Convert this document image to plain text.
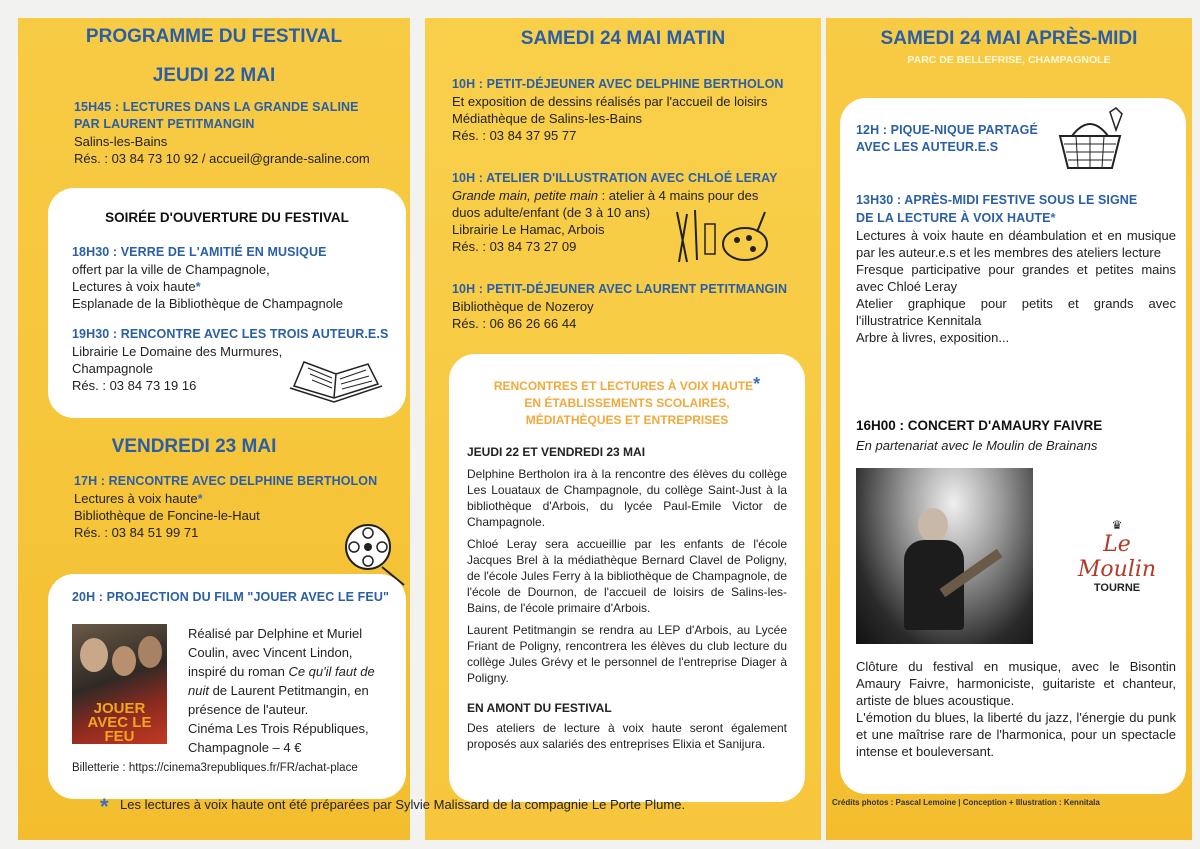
PROGRAMME DU FESTIVAL
JEUDI 22 MAI
15H45 : LECTURES DANS LA GRANDE SALINE
PAR LAURENT PETITMANGIN
Salins-les-Bains
Rés. : 03 84 73 10 92 / accueil@grande-saline.com
SOIRÉE D'OUVERTURE DU FESTIVAL
18H30 : VERRE DE L'AMITIÉ EN MUSIQUE
offert par la ville de Champagnole,
Lectures à voix haute*
Esplanade de la Bibliothèque de Champagnole
19H30 : RENCONTRE AVEC LES TROIS AUTEUR.E.S
Librairie Le Domaine des Murmures,
Champagnole
Rés. : 03 84 73 19 16
VENDREDI 23 MAI
17H : RENCONTRE AVEC DELPHINE BERTHOLON
Lectures à voix haute*
Bibliothèque de Foncine-le-Haut
Rés. : 03 84 51 99 71
20H : PROJECTION DU FILM "JOUER AVEC LE FEU"
JOUER AVEC LE FEU
Réalisé par Delphine et Muriel
Coulin, avec Vincent Lindon,
inspiré du roman Ce qu'il faut de
nuit de Laurent Petitmangin, en
présence de l'auteur.
Cinéma Les Trois Républiques,
Champagnole – 4 €
Billetterie : https://cinema3republiques.fr/FR/achat-place
*
SAMEDI 24 MAI MATIN
10H : PETIT-DÉJEUNER AVEC DELPHINE BERTHOLON
Et exposition de dessins réalisés par l'accueil de loisirs
Médiathèque de Salins-les-Bains
Rés. : 03 84 37 95 77
10H : ATELIER D'ILLUSTRATION AVEC CHLOÉ LERAY
Grande main, petite main : atelier à 4 mains pour des
duos adulte/enfant (de 3 à 10 ans)
Librairie Le Hamac, Arbois
Rés. : 03 84 73 27 09
10H : PETIT-DÉJEUNER AVEC LAURENT PETITMANGIN
Bibliothèque de Nozeroy
Rés. : 06 86 26 66 44
RENCONTRES ET LECTURES À VOIX HAUTE*
EN ÉTABLISSEMENTS SCOLAIRES,
MÉDIATHÈQUES ET ENTREPRISES

JEUDI 22 ET VENDREDI 23 MAI

Delphine Bertholon ira à la rencontre des élèves du collège Les Louataux de Champagnole, du collège Saint-Just à la bibliothèque d'Arbois, du lycée Paul-Emile Victor de Champagnole.

Chloé Leray sera accueillie par les enfants de l'école Jacques Brel à la médiathèque Bernard Clavel de Poligny, de l'école Jules Ferry à la bibliothèque de Champagnole, de l'école de Dournon, de l'accueil de loisirs de Salins-les-Bains, de l'école primaire d'Arbois.

Laurent Petitmangin se rendra au LEP d'Arbois, au Lycée Friant de Poligny, rencontrera les élèves du club lecture du collège Jules Grévy et le personnel de l'entreprise Diager à Poligny.

EN AMONT DU FESTIVAL

Des ateliers de lecture à voix haute seront également proposés aux salariés des entreprises Elixia et Sanijura.

SAMEDI 24 MAI APRÈS-MIDI
PARC DE BELLEFRISE, CHAMPAGNOLE
12H : PIQUE-NIQUE PARTAGÉ
AVEC LES AUTEUR.E.S
13H30 : APRÈS-MIDI FESTIVE SOUS LE SIGNE
DE LA LECTURE À VOIX HAUTE*
Lectures à voix haute en déambulation et en musique par les auteur.e.s et les membres des ateliers lecture
Fresque participative pour grandes et petites mains avec Chloé Leray
Atelier graphique pour petits et grands avec l'illustratrice Kennitala
Arbre à livres, exposition...
16H00 : CONCERT D'AMAURY FAIVRE
En partenariat avec le Moulin de Brainans
♛
Le Moulin
TOURNE
Clôture du festival en musique, avec le Bisontin Amaury Faivre, harmoniciste, guitariste et chanteur, artiste de blues acoustique.
L'émotion du blues, la liberté du jazz, l'énergie du punk et une maîtrise rare de l'harmonica, pour un spectacle intense et bouleversant.
Crédits photos : Pascal Lemoine | Conception + Illustration : Kennitala
Les lectures à voix haute ont été préparées par Sylvie Malissard de la compagnie Le Porte Plume.
